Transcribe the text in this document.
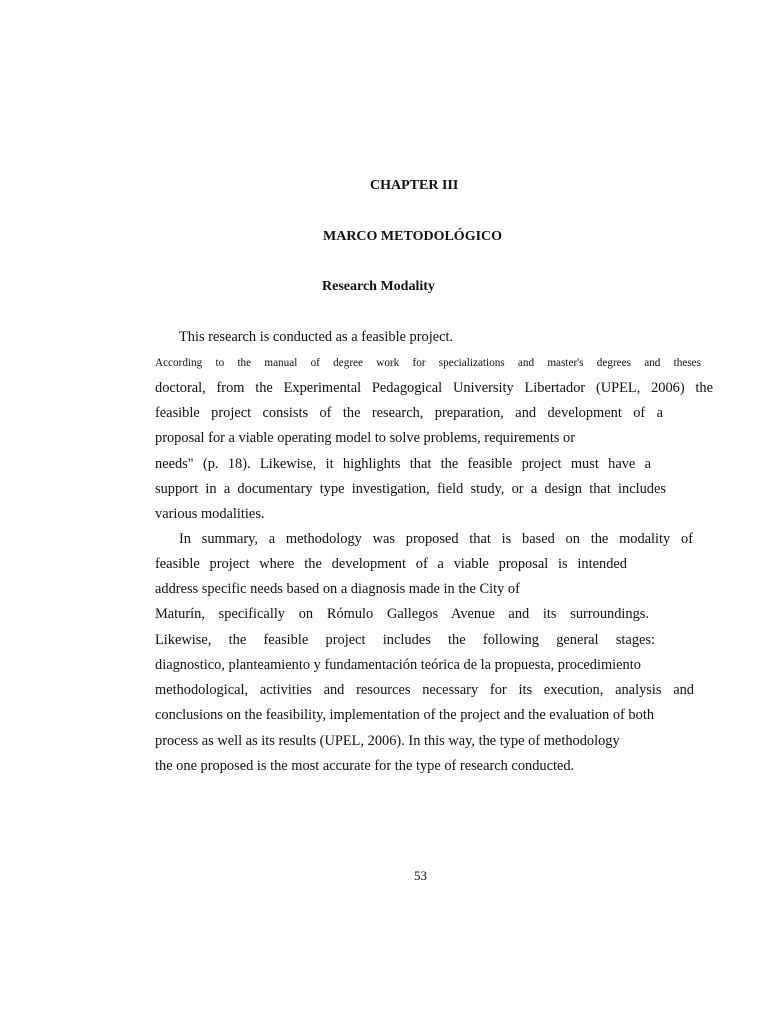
CHAPTER III
MARCO METODOLÓGICO
Research Modality
This research is conducted as a feasible project.
According to the manual of degree work for specializations and master's degrees and theses
doctoral, from the Experimental Pedagogical University Libertador (UPEL, 2006) the
feasible project consists of the research, preparation, and development of a
proposal for a viable operating model to solve problems, requirements or
needs" (p. 18). Likewise, it highlights that the feasible project must have a
support in a documentary type investigation, field study, or a design that includes
various modalities.
In summary, a methodology was proposed that is based on the modality of
feasible project where the development of a viable proposal is intended
address specific needs based on a diagnosis made in the City of
Maturín, specifically on Rómulo Gallegos Avenue and its surroundings.
Likewise, the feasible project includes the following general stages:
diagnostico, planteamiento y fundamentación teórica de la propuesta, procedimiento
methodological, activities and resources necessary for its execution, analysis and
conclusions on the feasibility, implementation of the project and the evaluation of both
process as well as its results (UPEL, 2006). In this way, the type of methodology
the one proposed is the most accurate for the type of research conducted.
53
